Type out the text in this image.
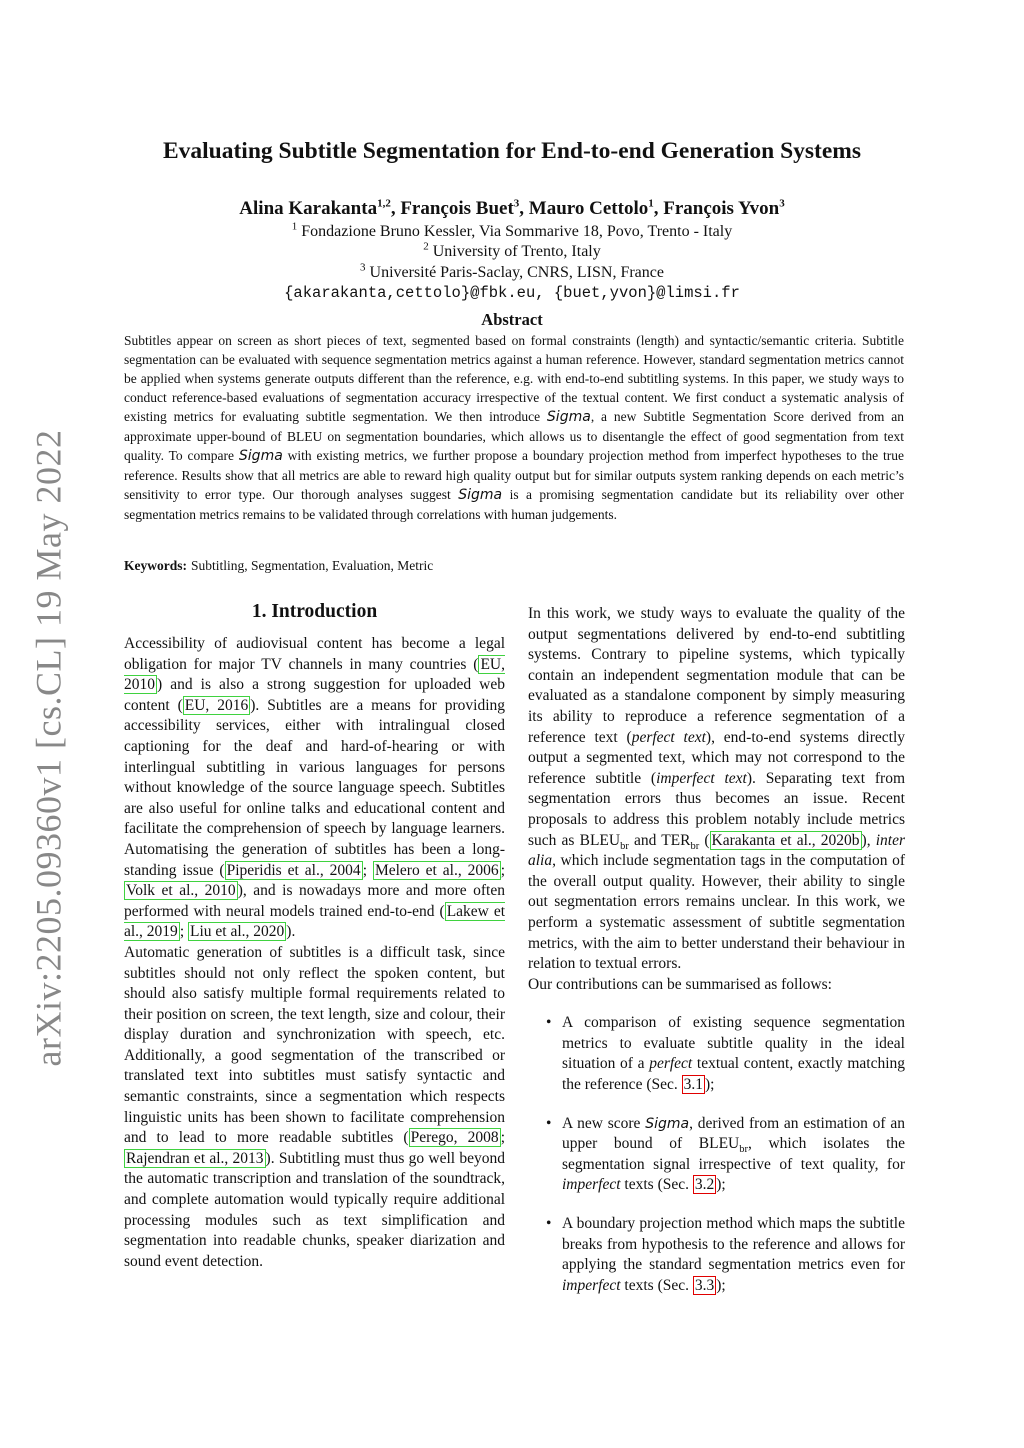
arXiv:2205.09360v1 [cs.CL] 19 May 2022
Evaluating Subtitle Segmentation for End-to-end Generation Systems
Alina Karakanta$^{1,2}$, François Buet$^3$, Mauro Cettolo$^1$, François Yvon$^3$
$^1$ Fondazione Bruno Kessler, Via Sommarive 18, Povo, Trento - Italy
$^2$ University of Trento, Italy
$^3$ Université Paris-Saclay, CNRS, LISN, France
{akarakanta,cettolo}@fbk.eu, {buet,yvon}@limsi.fr
Abstract

Subtitles appear on screen as short pieces of text, segmented based on formal constraints (length) and syntactic/semantic criteria. Subtitle segmentation can be evaluated with sequence segmentation metrics against a human reference. However, standard segmentation metrics cannot be applied when systems generate outputs different than the reference, e.g. with end-to-end subtitling systems. In this paper, we study ways to conduct reference-based evaluations of segmentation accuracy irrespective of the textual content. We first conduct a systematic analysis of existing metrics for evaluating subtitle segmentation. We then introduce Sigma, a new Subtitle Segmentation Score derived from an approximate upper-bound of BLEU on segmentation boundaries, which allows us to disentangle the effect of good segmentation from text quality. To compare Sigma with existing metrics, we further propose a boundary projection method from imperfect hypotheses to the true reference. Results show that all metrics are able to reward high quality output but for similar outputs system ranking depends on each metric’s sensitivity to error type. Our thorough analyses suggest Sigma is a promising segmentation candidate but its reliability over other segmentation metrics remains to be validated through correlations with human judgements.

Keywords: Subtitling, Segmentation, Evaluation, Metric
1. Introduction

Accessibility of audiovisual content has become a legal obligation for major TV channels in many countries ( EU, 2010 ) and is also a strong suggestion for uploaded web content ( EU, 2016 ). Subtitles are a means for providing accessibility services, either with intralingual closed captioning for the deaf and hard-of-hearing or with interlingual subtitling in various languages for persons without knowledge of the source language speech. Subtitles are also useful for online talks and educational content and facilitate the comprehension of speech by language learners. Automatising the generation of subtitles has been a long-standing issue ( Piperidis et al., 2004 ; Melero et al., 2006 ; Volk et al., 2010 ), and is nowadays more and more often performed with neural models trained end-to-end ( Lakew et al., 2019 ; Liu et al., 2020 ).

Automatic generation of subtitles is a difficult task, since subtitles should not only reflect the spoken content, but should also satisfy multiple formal requirements related to their position on screen, the text length, size and colour, their display duration and synchronization with speech, etc. Additionally, a good segmentation of the transcribed or translated text into subtitles must satisfy syntactic and semantic constraints, since a segmentation which respects linguistic units has been shown to facilitate comprehension and to lead to more readable subtitles ( Perego, 2008 ; Rajendran et al., 2013 ). Subtitling must thus go well beyond the automatic transcription and translation of the soundtrack, and complete automation would typically require additional processing modules such as text simplification and segmentation into readable chunks, speaker diarization and sound event detection.

In this work, we study ways to evaluate the quality of the output segmentations delivered by end-to-end subtitling systems. Contrary to pipeline systems, which typically contain an independent segmentation module that can be evaluated as a standalone component by simply measuring its ability to reproduce a reference segmentation of a reference text (perfect text), end-to-end systems directly output a segmented text, which may not correspond to the reference subtitle (imperfect text). Separating text from segmentation errors thus becomes an issue. Recent proposals to address this problem notably include metrics such as $BLEU_{br}$ and $TER_{br}$ ( Karakanta et al., 2020b ), inter alia, which include segmentation tags in the computation of the overall output quality. However, their ability to single out segmentation errors remains unclear. In this work, we perform a systematic assessment of subtitle segmentation metrics, with the aim to better understand their behaviour in relation to textual errors.

Our contributions can be summarised as follows:

• A comparison of existing sequence segmentation metrics to evaluate subtitle quality in the ideal situation of a perfect textual content, exactly matching the reference (Sec. 3.1 );
• A new score Sigma, derived from an estimation of an upper bound of $BLEU_{br}$, which isolates the segmentation signal irrespective of text quality, for imperfect texts (Sec. 3.2 );
• A boundary projection method which maps the subtitle breaks from hypothesis to the reference and allows for applying the standard segmentation metrics even for imperfect texts (Sec. 3.3 );
